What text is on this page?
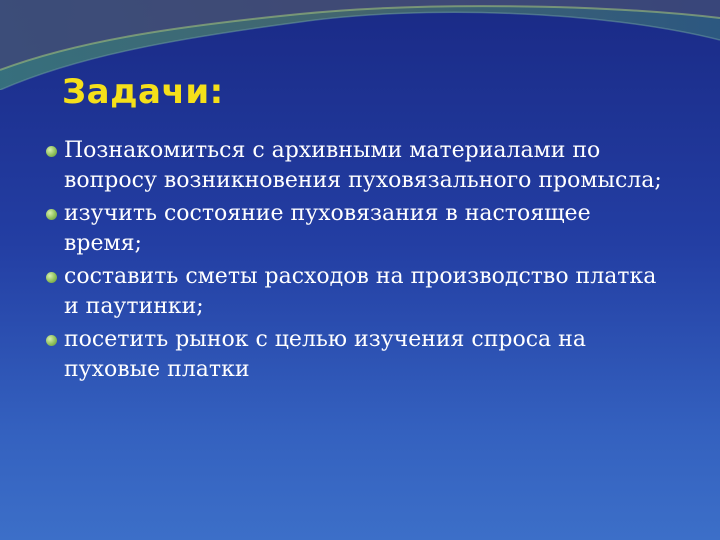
Задачи:
Познакомиться с архивными материалами по вопросу возникновения пуховязального промысла;
изучить состояние пуховязания в настоящее время;
составить сметы расходов на производство платка и паутинки;
посетить рынок с целью изучения спроса на пуховые платки
